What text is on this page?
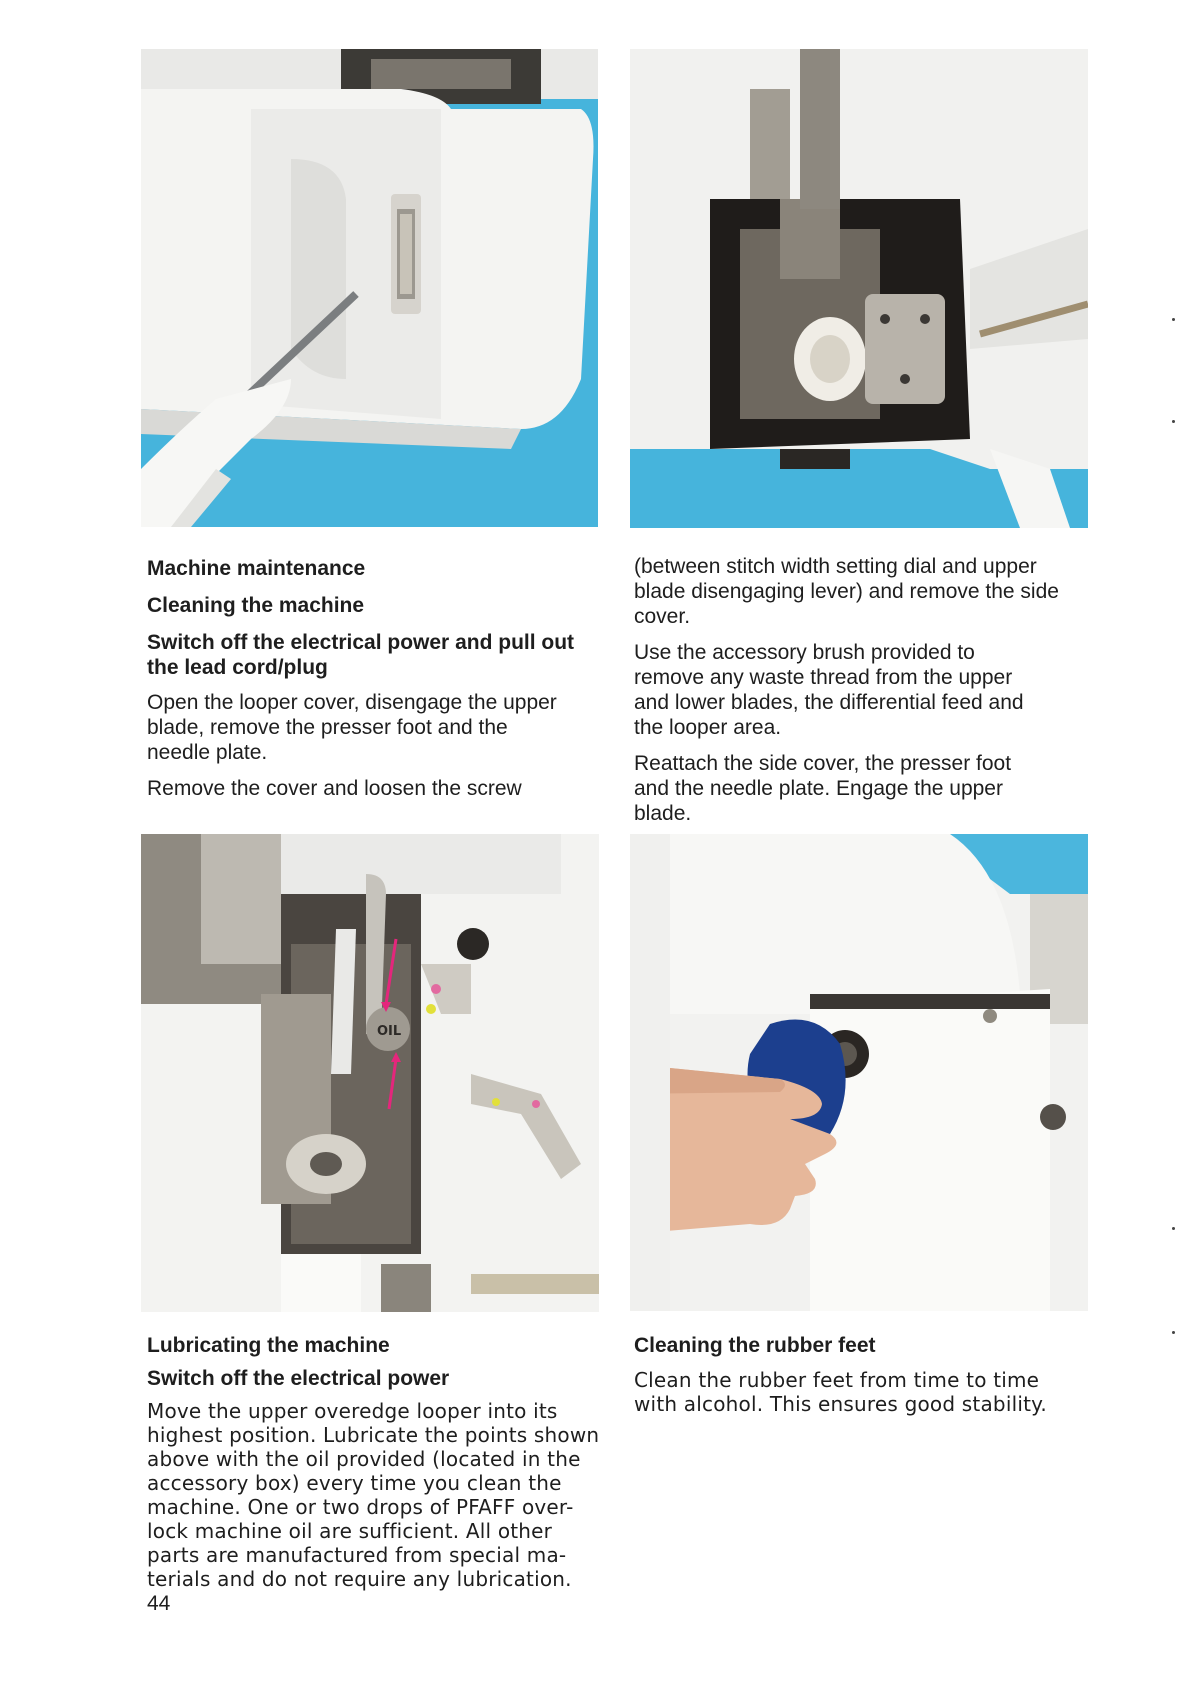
OIL
Machine maintenance
Cleaning the machine
Switch off the electrical power and pull out
the lead cord/plug

Open the looper cover, disengage the upper
blade, remove the presser foot and the
needle plate.

Remove the cover and loosen the screw

(between stitch width setting dial and upper
blade disengaging lever) and remove the side
cover.

Use the accessory brush provided to
remove any waste thread from the upper
and lower blades, the differential feed and
the looper area.

Reattach the side cover, the presser foot
and the needle plate. Engage the upper
blade.

Lubricating the machine
Switch off the electrical power

Move the upper overedge looper into its
highest position. Lubricate the points shown
above with the oil provided (located in the
accessory box) every time you clean the
machine. One or two drops of PFAFF over-
lock machine oil are sufficient. All other
parts are manufactured from special ma-
terials and do not require any lubrication.

Cleaning the rubber feet

Clean the rubber feet from time to time
with alcohol. This ensures good stability.

44
